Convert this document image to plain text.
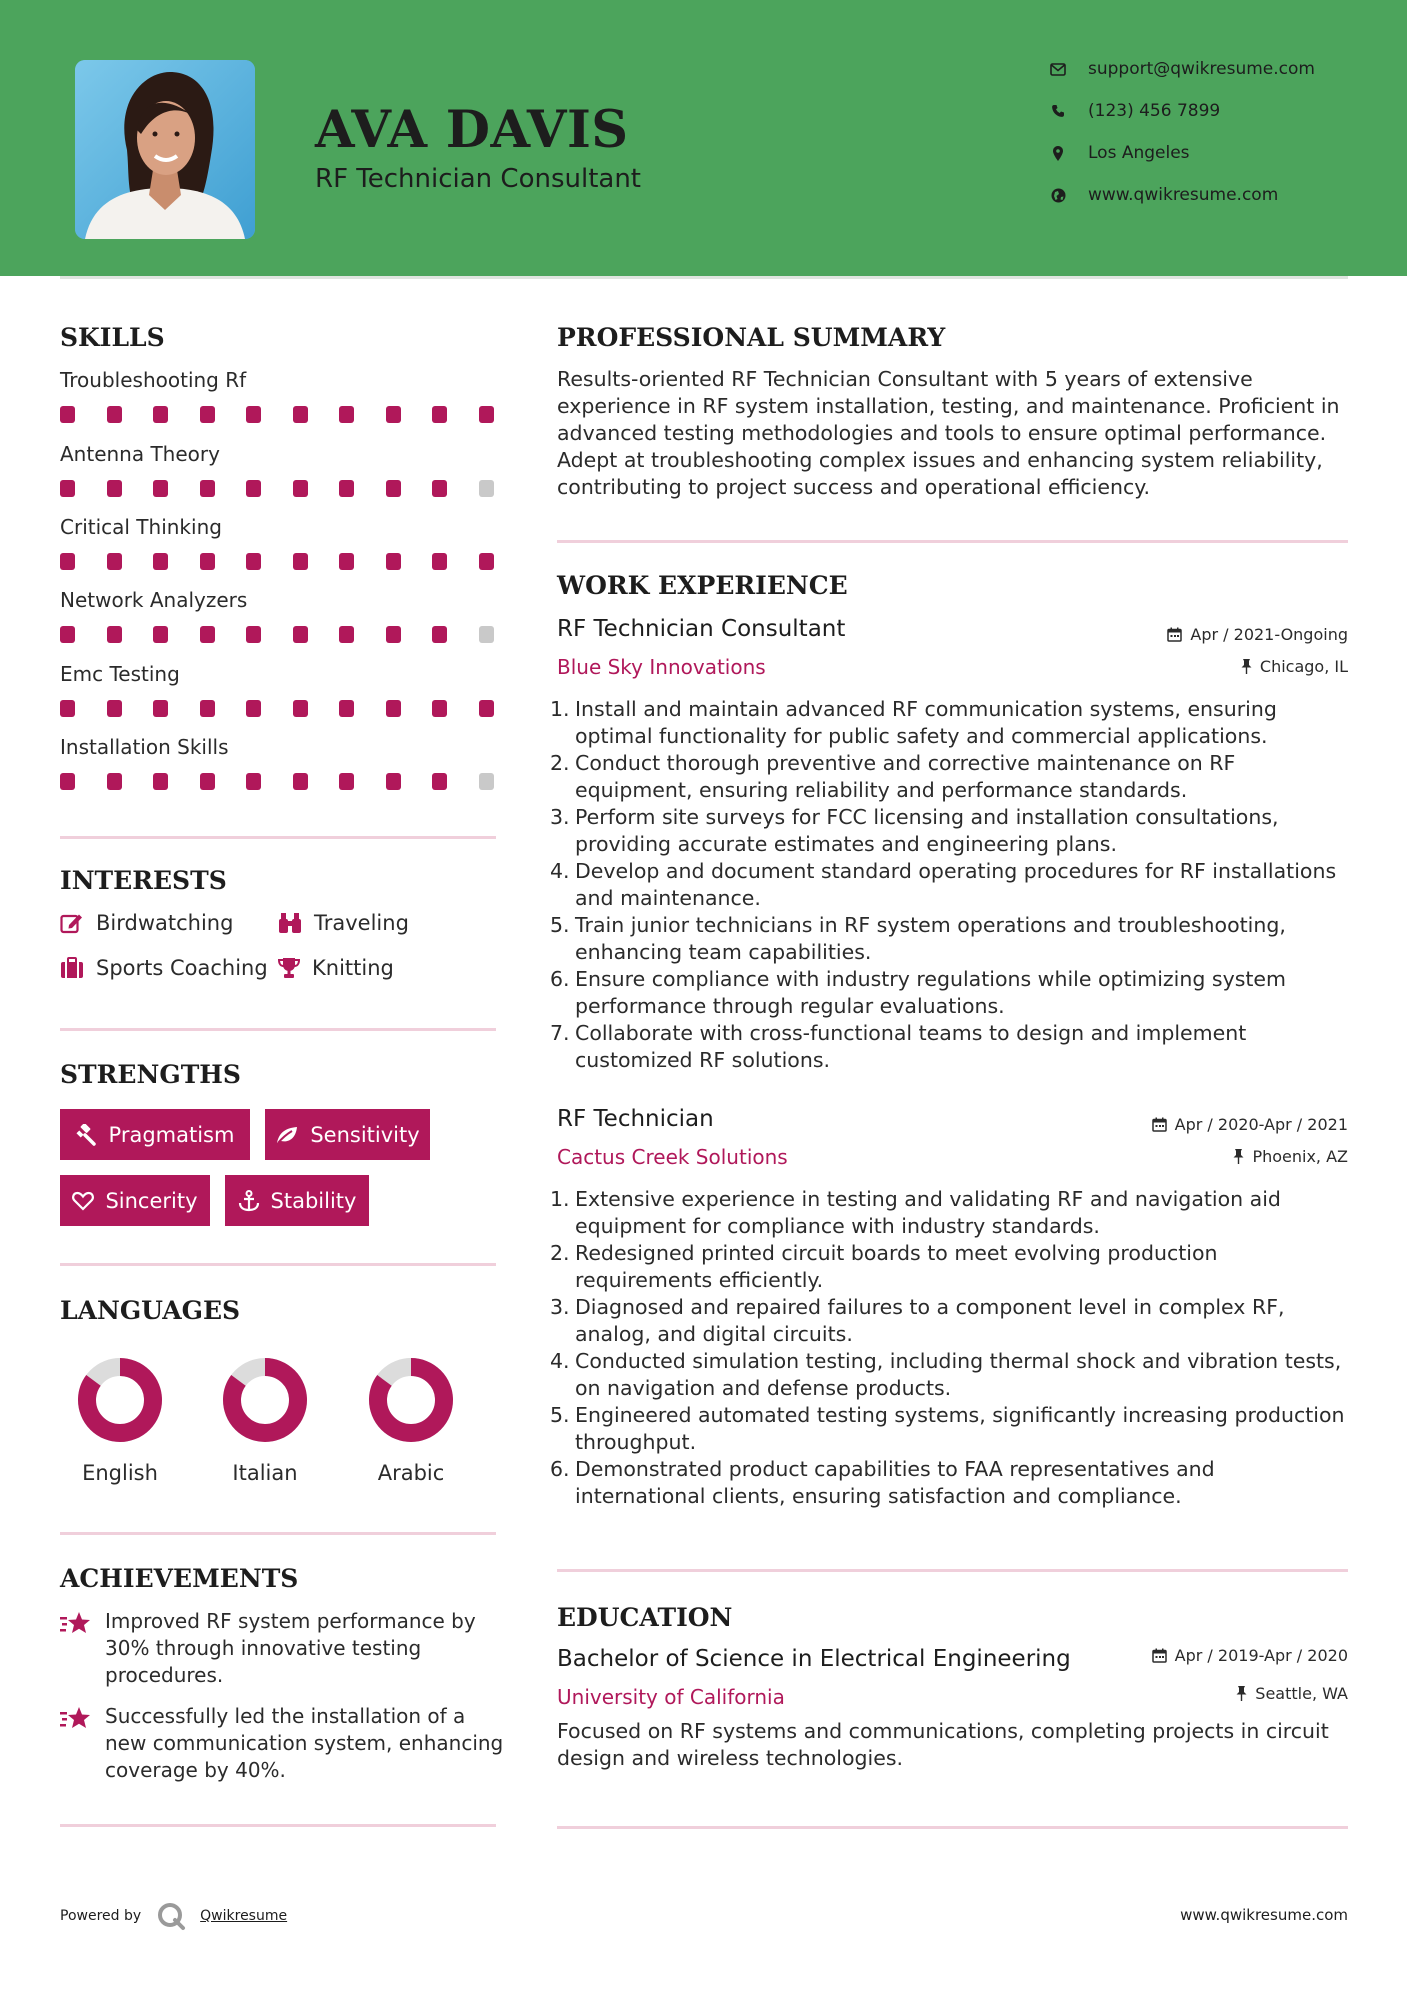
AVA DAVIS
RF Technician Consultant
support@qwikresume.com
(123) 456 7899
Los Angeles
www.qwikresume.com
SKILLS
Troubleshooting Rf
Antenna Theory
Critical Thinking
Network Analyzers
Emc Testing
Installation Skills
INTERESTS
Birdwatching	Traveling
Sports Coaching Knitting
STRENGTHS
Pragmatism	Sensitivity
Sincerity	Stability
LANGUAGES
English	Italian	Arabic
ACHIEVEMENTS
Improved RF system performance by 30% through innovative testing procedures.
Successfully led the installation of a new communication system, enhancing coverage by 40%.
PROFESSIONAL SUMMARY
Results-oriented RF Technician Consultant with 5 years of extensive experience in RF system installation, testing, and maintenance. Proficient in advanced testing methodologies and tools to ensure optimal performance. Adept at troubleshooting complex issues and enhancing system reliability, contributing to project success and operational efficiency.
WORK EXPERIENCE
RF Technician Consultant
Blue Sky Innovations
Apr / 2021-Ongoing
Chicago, IL
1. Install and maintain advanced RF communication systems, ensuring optimal functionality for public safety and commercial applications.
2. Conduct thorough preventive and corrective maintenance on RF equipment, ensuring reliability and performance standards.
3. Perform site surveys for FCC licensing and installation consultations, providing accurate estimates and engineering plans.
4. Develop and document standard operating procedures for RF installations and maintenance.
5. Train junior technicians in RF system operations and troubleshooting, enhancing team capabilities.
6. Ensure compliance with industry regulations while optimizing system performance through regular evaluations.
7. Collaborate with cross-functional teams to design and implement customized RF solutions.
RF Technician
Cactus Creek Solutions
Apr / 2020-Apr / 2021
Phoenix, AZ
1. Extensive experience in testing and validating RF and navigation aid equipment for compliance with industry standards.
2. Redesigned printed circuit boards to meet evolving production requirements efficiently.
3. Diagnosed and repaired failures to a component level in complex RF, analog, and digital circuits.
4. Conducted simulation testing, including thermal shock and vibration tests, on navigation and defense products.
5. Engineered automated testing systems, significantly increasing production throughput.
6. Demonstrated product capabilities to FAA representatives and international clients, ensuring satisfaction and compliance.
EDUCATION
Bachelor of Science in Electrical Engineering
University of California
Apr / 2019-Apr / 2020
Seattle, WA
Focused on RF systems and communications, completing projects in circuit design and wireless technologies.
Powered by	Qwikresume	www.qwikresume.com
